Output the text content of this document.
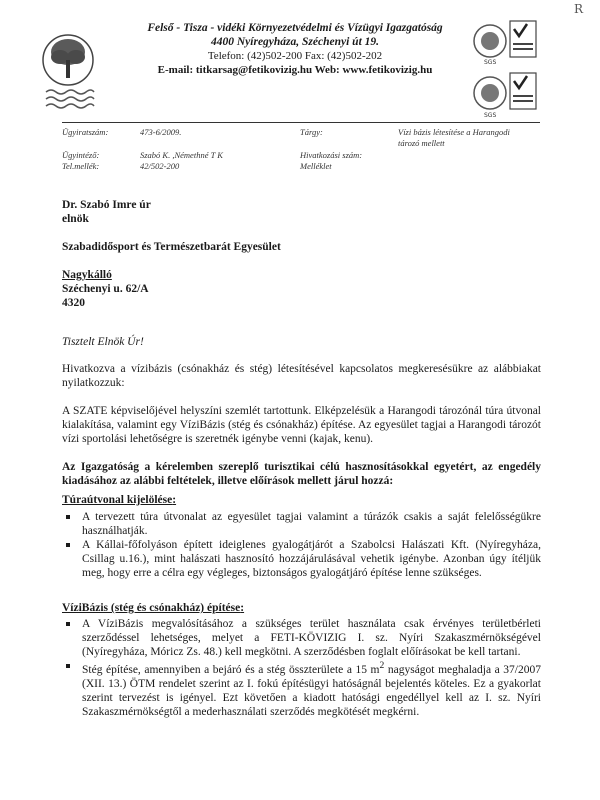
R
Felső - Tisza - vidéki Környezetvédelmi és Vízügyi Igazgatóság
4400 Nyíregyháza, Széchenyi út 19.
Telefon: (42)502-200 Fax: (42)502-202
E-mail: titkarsag@fetikovizig.hu Web: www.fetikovizig.hu
SGS
SGS
Ügyiratszám:	473-6/2009.	Tárgy:	Vízi bázis létesítése a Harangodi
tározó mellett
Ügyintéző:	Szabó K. ,Némethné T K	Hivatkozási szám:
Tel.mellék:	42/502-200	Melléklet
Dr. Szabó Imre úr
elnök
Szabadidősport és Természetbarát Egyesület
Nagykálló
Széchenyi u. 62/A
4320
Tisztelt Elnök Úr!
Hivatkozva a vízibázis (csónakház és stég) létesítésével kapcsolatos megkeresésükre az alábbiakat nyilatkozzuk:
A SZATE képviselőjével helyszíni szemlét tartottunk. Elképzelésük a Harangodi tározónál túra útvonal kialakítása, valamint egy VíziBázis (stég és csónakház) építése. Az egyesület tagjai a Harangodi tározót vízi sportolási lehetőségre is szeretnék igénybe venni (kajak, kenu).
Az Igazgatóság a kérelemben szereplő turisztikai célú hasznosításokkal egyetért, az engedély kiadásához az alábbi feltételek, illetve előírások mellett járul hozzá:
Túraútvonal kijelölése:
A tervezett túra útvonalat az egyesület tagjai valamint a túrázók csakis a saját felelősségükre használhatják.
A Kállai-főfolyáson épített ideiglenes gyalogátjárót a Szabolcsi Halászati Kft. (Nyíregyháza, Csillag u.16.), mint halászati hasznosító hozzájárulásával vehetik igénybe. Azonban úgy ítéljük meg, hogy erre a célra egy végleges, biztonságos gyalogátjáró építése lenne szükséges.
VíziBázis (stég és csónakház) építése:
A VíziBázis megvalósításához a szükséges terület használata csak érvényes területbérleti szerződéssel lehetséges, melyet a FETI-KÖVIZIG I. sz. Nyíri Szakaszmérnökségével (Nyíregyháza, Móricz Zs. 48.) kell megkötni. A szerződésben foglalt előírásokat be kell tartani.
Stég építése, amennyiben a bejáró és a stég összterülete a 15 $m^2$ nagyságot meghaladja a 37/2007 (XII. 13.) ÖTM rendelet szerint az I. fokú építésügyi hatóságnál bejelentés köteles. Ez a gyakorlat szerint tervezést is igényel. Ezt követően a kiadott hatósági engedéllyel kell az I. sz. Nyíri Szakaszmérnökségtől a mederhasználati szerződés megkötését megkérni.
